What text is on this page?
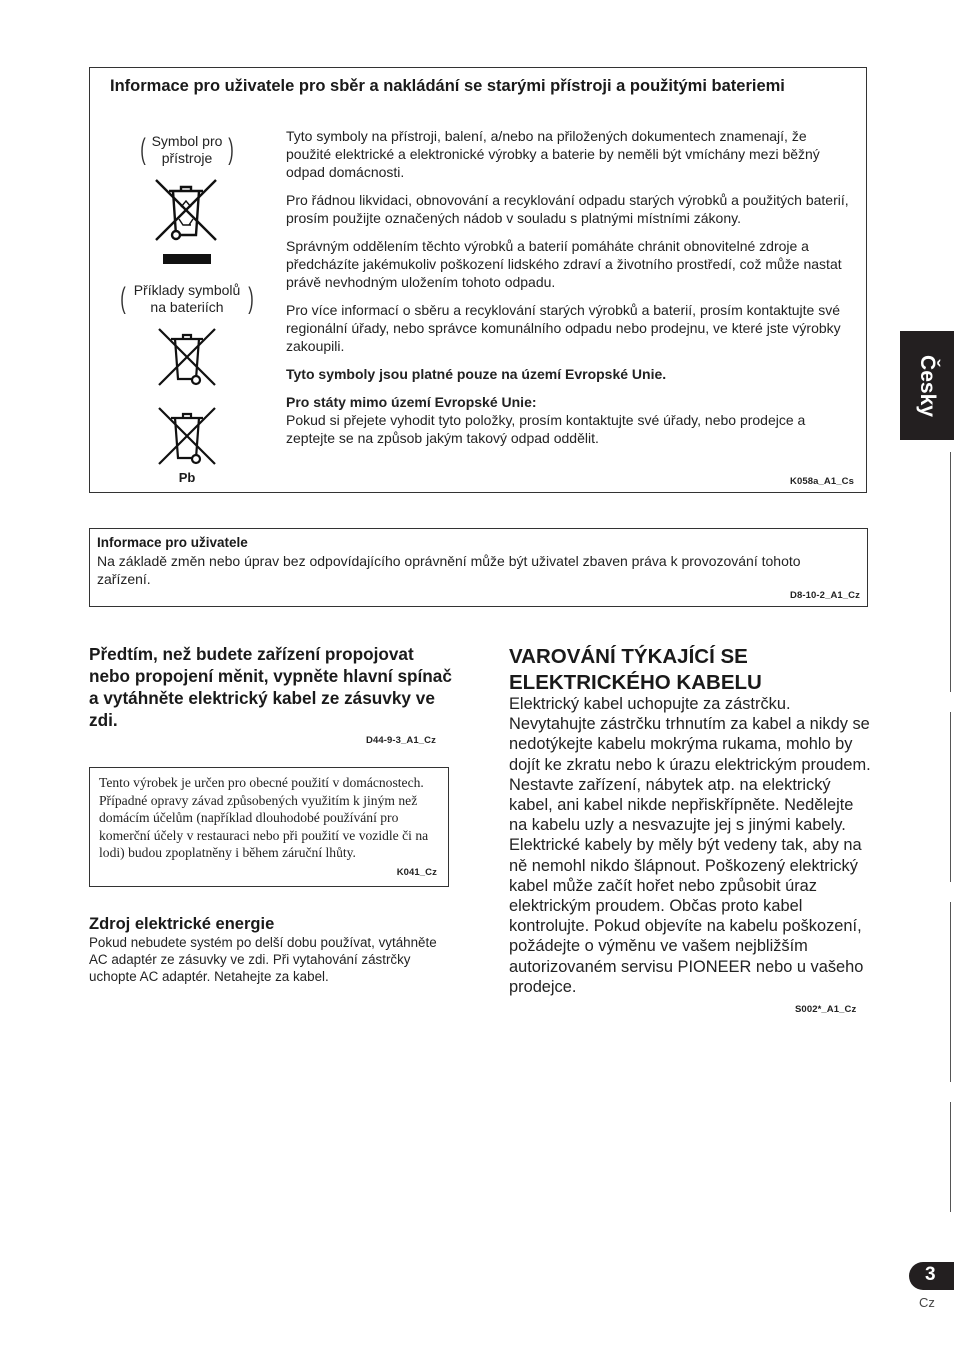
Informace pro uživatele pro sběr a nakládání se starými přístroji a použitými bateriemi
( Symbol pro
přístroje )
( Příklady symbolů
na bateriích )
Pb

Tyto symboly na přístroji, balení, a/nebo na přiložených dokumentech znamenají, že použité elektrické a elektronické výrobky a baterie by neměli být vmíchány mezi běžný odpad domácnosti.

Pro řádnou likvidaci, obnovování a recyklování odpadu starých výrobků a použitých baterií, prosím použijte označených nádob v souladu s platnými místními zákony.

Správným oddělením těchto výrobků a baterií pomáháte chránit obnovitelné zdroje a předcházíte jakémukoliv poškození lidského zdraví a životního prostředí, což může nastat právě nevhodným uložením tohoto odpadu.

Pro více informací o sběru a recyklování starých výrobků a baterií, prosím kontaktujte své regionální úřady, nebo správce komunálního odpadu nebo prodejnu, ve které jste výrobky zakoupili.

Tyto symboly jsou platné pouze na území Evropské Unie.

Pro státy mimo území Evropské Unie:

Pokud si přejete vyhodit tyto položky, prosím kontaktujte své úřady, nebo prodejce a zeptejte se na způsob jakým takový odpad oddělit.

K058a_A1_Cs
Informace pro uživatele
Na základě změn nebo úprav bez odpovídajícího oprávnění může být uživatel zbaven práva k provozování tohoto zařízení.
D8-10-2_A1_Cz
Předtím, než budete zařízení propojovat nebo propojení měnit, vypněte hlavní spínač a vytáhněte elektrický kabel ze zásuvky ve zdi.
D44-9-3_A1_Cz
Tento výrobek je určen pro obecné použití v domácnostech. Případné opravy závad způsobených využitím k jiným než domácím účelům (například dlouhodobé používání pro komerční účely v restauraci nebo při použití ve vozidle či na lodi) budou zpoplatněny i během záruční lhůty.
K041_Cz
Zdroj elektrické energie
Pokud nebudete systém po delší dobu používat, vytáhněte AC adaptér ze zásuvky ve zdi. Při vytahování zástrčky uchopte AC adaptér. Netahejte za kabel.
VAROVÁNÍ TÝKAJÍCÍ SE
ELEKTRICKÉHO KABELU
Elektrický kabel uchopujte za zástrčku. Nevytahujte zástrčku trhnutím za kabel a nikdy se nedotýkejte kabelu mokrýma rukama, mohlo by dojít ke zkratu nebo k úrazu elektrickým proudem. Nestavte zařízení, nábytek atp. na elektrický kabel, ani kabel nikde nepřiskřípněte. Nedělejte na kabelu uzly a nesvazujte jej s jinými kabely. Elektrické kabely by měly být vedeny tak, aby na ně nemohl nikdo šlápnout. Poškozený elektrický kabel může začít hořet nebo způsobit úraz elektrickým proudem. Občas proto kabel kontrolujte. Pokud objevíte na kabelu poškození, požádejte o výměnu ve vašem nejbližším autorizovaném servisu PIONEER nebo u vašeho prodejce.
S002*_A1_Cz
Česky
3
Cz
